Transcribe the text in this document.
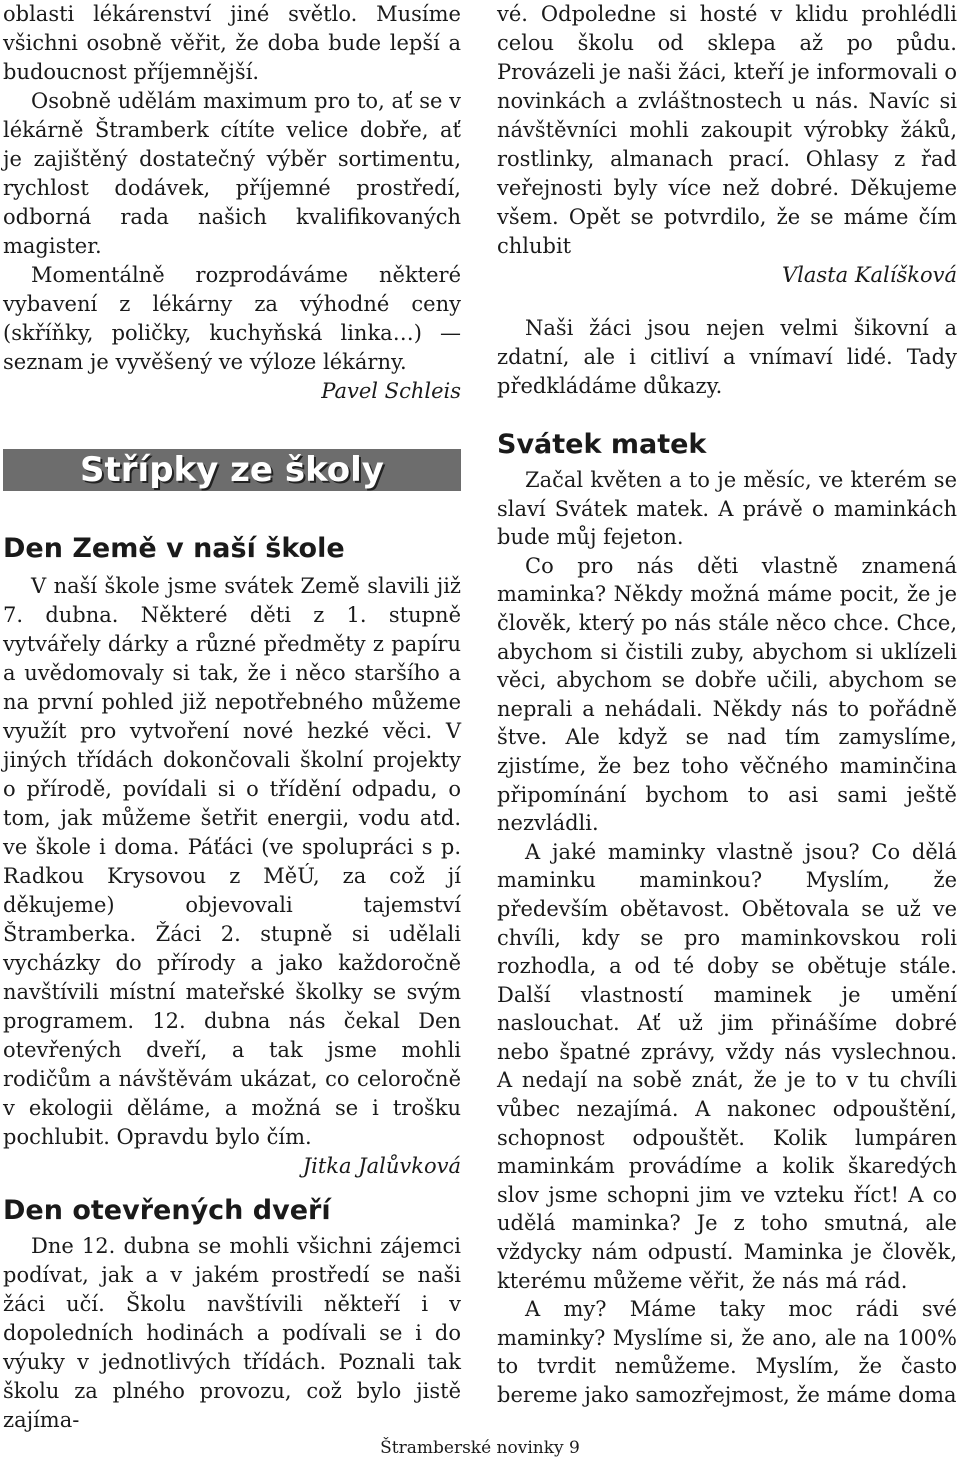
oblasti lékárenství jiné světlo. Musíme všichni osobně věřit, že doba bude lepší a budoucnost příjemnější.

Osobně udělám maximum pro to, ať se v lékárně Štramberk cítíte velice dobře, ať je zajištěný dostatečný výběr sortimentu, rychlost dodávek, příjemné prostředí, odborná rada našich kvalifikovaných magister.

Momentálně rozprodáváme některé vybavení z lékárny za výhodné ceny (skříňky, poličky, kuchyňská linka…) — seznam je vyvěšený ve výloze lékárny.

Pavel Schleis

Střípky ze školy
Den Země v naší škole

V naší škole jsme svátek Země slavili již 7. dubna. Některé děti z 1. stupně vytvářely dárky a různé předměty z papíru a uvědomovaly si tak, že i něco staršího a na první pohled již nepotřebného můžeme využít pro vytvoření nové hezké věci. V jiných třídách dokončovali školní projekty o přírodě, povídali si o třídění odpadu, o tom, jak můžeme šetřit energii, vodu atd. ve škole i doma. Páťáci (ve spolupráci s p. Radkou Krysovou z MěÚ, za což jí děkujeme) objevovali tajemství Štramberka. Žáci 2. stupně si udělali vycházky do přírody a jako každoročně navštívili místní mateřské školky se svým programem. 12. dubna nás čekal Den otevřených dveří, a tak jsme mohli rodičům a návštěvám ukázat, co celoročně v ekologii děláme, a možná se i trošku pochlubit. Opravdu bylo čím.

Jitka Jalůvková

Den otevřených dveří

Dne 12. dubna se mohli všichni zájemci podívat, jak a v jakém prostředí se naši žáci učí. Školu navštívili někteří i v dopoledních hodinách a podívali se i do výuky v jednotlivých třídách. Poznali tak školu za plného provozu, což bylo jistě zajíma-

vé. Odpoledne si hosté v klidu prohlédli celou školu od sklepa až po půdu. Provázeli je naši žáci, kteří je informovali o novinkách a zvláštnostech u nás. Navíc si návštěvníci mohli zakoupit výrobky žáků, rostlinky, almanach prací. Ohlasy z řad veřejnosti byly více než dobré. Děkujeme všem. Opět se potvrdilo, že se máme čím chlubit

Vlasta Kalíšková

Naši žáci jsou nejen velmi šikovní a zdatní, ale i citliví a vnímaví lidé. Tady předkládáme důkazy.

Svátek matek

Začal květen a to je měsíc, ve kterém se slaví Svátek matek. A právě o maminkách bude můj fejeton.

Co pro nás děti vlastně znamená maminka? Někdy možná máme pocit, že je člověk, který po nás stále něco chce. Chce, abychom si čistili zuby, abychom si uklízeli věci, abychom se dobře učili, abychom se neprali a nehádali. Někdy nás to pořádně štve. Ale když se nad tím zamyslíme, zjistíme, že bez toho věčného maminčina připomínání bychom to asi sami ještě nezvládli.

A jaké maminky vlastně jsou? Co dělá maminku maminkou? Myslím, že především obětavost. Obětovala se už ve chvíli, kdy se pro maminkovskou roli rozhodla, a od té doby se obětuje stále. Další vlastností maminek je umění naslouchat. Ať už jim přinášíme dobré nebo špatné zprávy, vždy nás vyslechnou. A nedají na sobě znát, že je to v tu chvíli vůbec nezajímá. A nakonec odpouštění, schopnost odpouštět. Kolik lumpáren maminkám provádíme a kolik škaredých slov jsme schopni jim ve vzteku říct! A co udělá maminka? Je z toho smutná, ale vždycky nám odpustí. Maminka je člověk, kterému můžeme věřit, že nás má rád.

A my? Máme taky moc rádi své maminky? Myslíme si, že ano, ale na 100% to tvrdit nemůžeme. Myslím, že často bereme jako samozřejmost, že máme doma

Štramberské novinky 9
